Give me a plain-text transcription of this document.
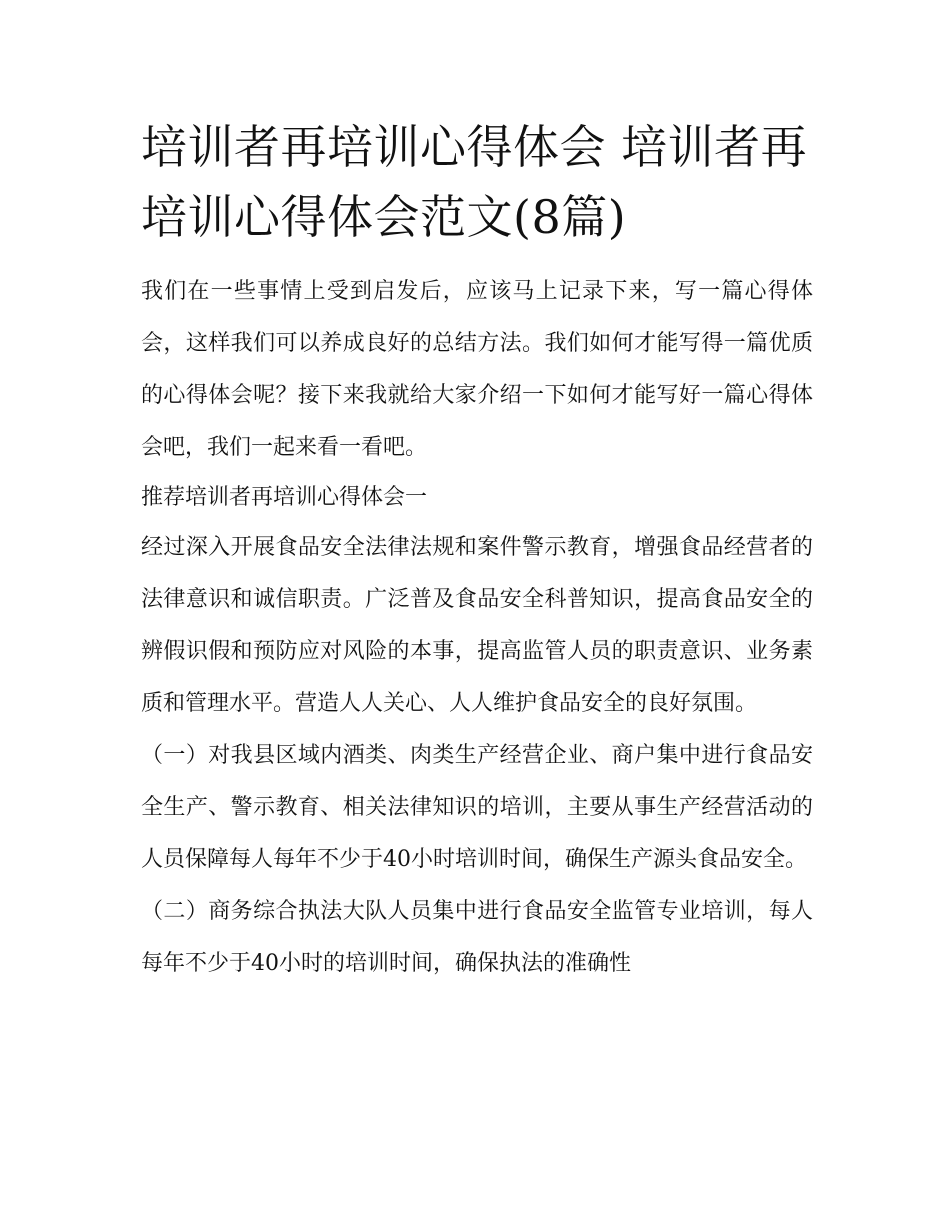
培训者再培训心得体会 培训者再培训心得体会范文(8篇)

我们在一些事情上受到启发后，应该马上记录下来，写一篇心得体会，这样我们可以养成良好的总结方法。我们如何才能写得一篇优质的心得体会呢？接下来我就给大家介绍一下如何才能写好一篇心得体会吧，我们一起来看一看吧。

推荐培训者再培训心得体会一

经过深入开展食品安全法律法规和案件警示教育，增强食品经营者的法律意识和诚信职责。广泛普及食品安全科普知识，提高食品安全的辨假识假和预防应对风险的本事，提高监管人员的职责意识、业务素质和管理水平。营造人人关心、人人维护食品安全的良好氛围。

（一）对我县区域内酒类、肉类生产经营企业、商户集中进行食品安全生产、警示教育、相关法律知识的培训，主要从事生产经营活动的人员保障每人每年不少于40小时培训时间，确保生产源头食品安全。

（二）商务综合执法大队人员集中进行食品安全监管专业培训，每人每年不少于40小时的培训时间，确保执法的准确性
